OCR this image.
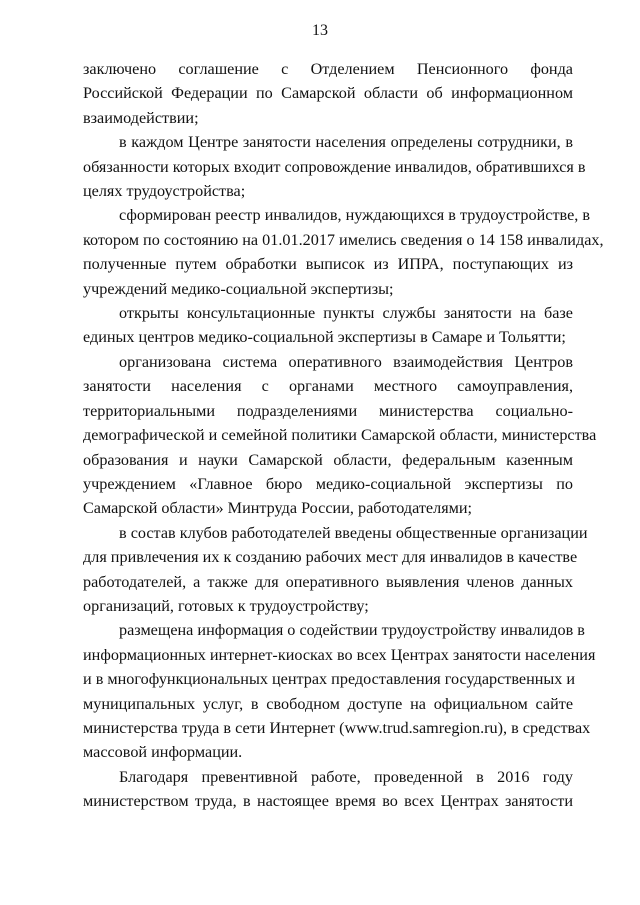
13

заключено соглашение с Отделением Пенсионного фонда
Российской Федерации по Самарской области об информационном
взаимодействии;

в каждом Центре занятости населения определены сотрудники, в
обязанности которых входит сопровождение инвалидов, обратившихся в
целях трудоустройства;

сформирован реестр инвалидов, нуждающихся в трудоустройстве, в
котором по состоянию на 01.01.2017 имелись сведения о 14 158 инвалидах,
полученные путем обработки выписок из ИПРА, поступающих из
учреждений медико-социальной экспертизы;

открыты консультационные пункты службы занятости на базе
единых центров медико-социальной экспертизы в Самаре и Тольятти;

организована система оперативного взаимодействия Центров
занятости населения с органами местного самоуправления,
территориальными подразделениями министерства социально-
демографической и семейной политики Самарской области, министерства
образования и науки Самарской области, федеральным казенным
учреждением «Главное бюро медико-социальной экспертизы по
Самарской области» Минтруда России, работодателями;

в состав клубов работодателей введены общественные организации
для привлечения их к созданию рабочих мест для инвалидов в качестве
работодателей, а также для оперативного выявления членов данных
организаций, готовых к трудоустройству;

размещена информация о содействии трудоустройству инвалидов в
информационных интернет-киосках во всех Центрах занятости населения
и в многофункциональных центрах предоставления государственных и
муниципальных услуг, в свободном доступе на официальном сайте
министерства труда в сети Интернет (www.trud.samregion.ru), в средствах
массовой информации.

Благодаря превентивной работе, проведенной в 2016 году
министерством труда, в настоящее время во всех Центрах занятости
